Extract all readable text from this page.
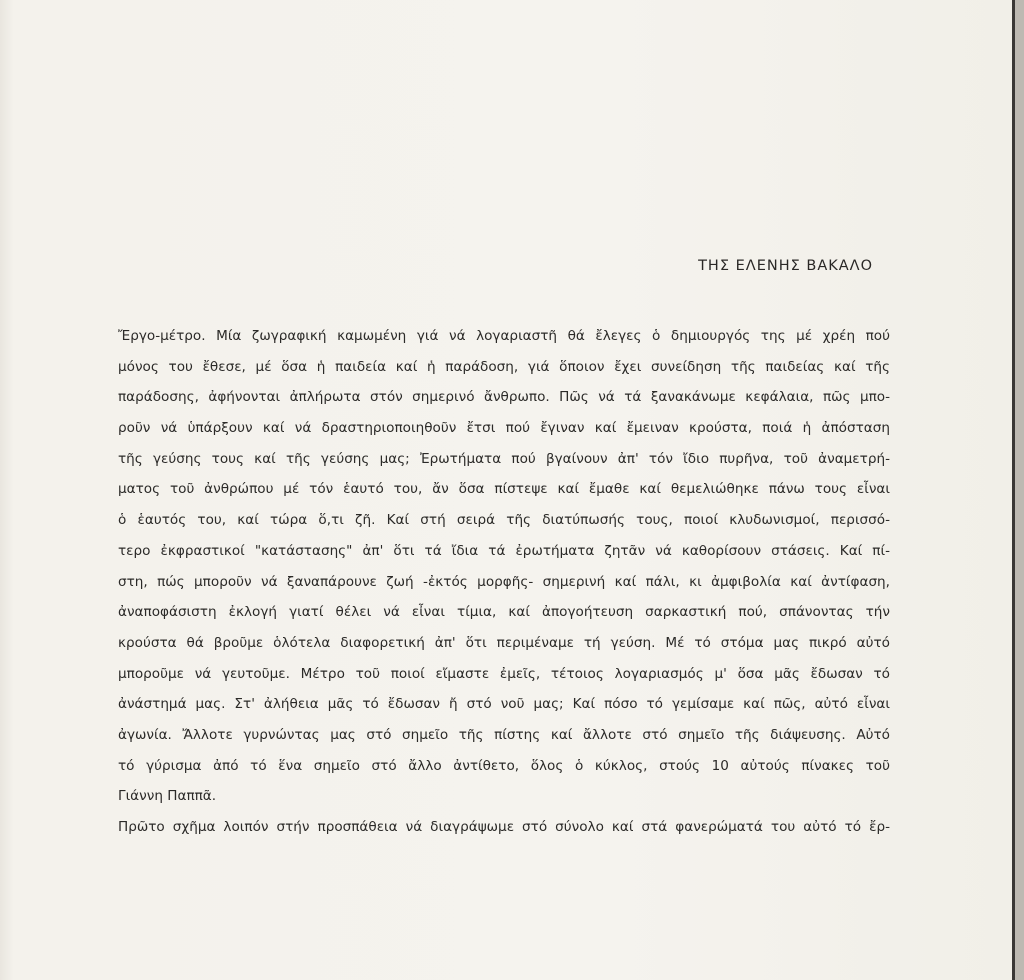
ΤΗΣ ΕΛΕΝΗΣ ΒΑΚΑΛΟ
Ἔργο-μέτρο. Μία ζωγραφική καμωμένη γιά νά λογαριαστῆ θά ἔλεγες ὁ δημιουργός της μέ χρέη πού
μόνος του ἔθεσε, μέ ὅσα ἡ παιδεία καί ἡ παράδοση, γιά ὅποιον ἔχει συνείδηση τῆς παιδείας καί τῆς
παράδοσης, ἀφήνονται ἀπλήρωτα στόν σημερινό ἄνθρωπο. Πῶς νά τά ξανακάνωμε κεφάλαια, πῶς μπο-
ροῦν νά ὑπάρξουν καί νά δραστηριοποιηθοῦν ἔτσι πού ἔγιναν καί ἔμειναν κρούστα, ποιά ἡ ἀπόσταση
τῆς γεύσης τους καί τῆς γεύσης μας; Ἐρωτήματα πού βγαίνουν ἀπ' τόν ἴδιο πυρῆνα, τοῦ ἀναμετρή-
ματος τοῦ ἀνθρώπου μέ τόν ἑαυτό του, ἄν ὅσα πίστεψε καί ἔμαθε καί θεμελιώθηκε πάνω τους εἶναι
ὁ ἑαυτός του, καί τώρα ὅ,τι ζῆ. Καί στή σειρά τῆς διατύπωσής τους, ποιοί κλυδωνισμοί, περισσό-
τερο ἐκφραστικοί "κατάστασης" ἀπ' ὅτι τά ἴδια τά ἐρωτήματα ζητᾶν νά καθορίσουν στάσεις. Καί πί-
στη, πώς μποροῦν νά ξαναπάρουνε ζωή -ἐκτός μορφῆς- σημερινή καί πάλι, κι ἀμφιβολία καί ἀντίφαση,
ἀναποφάσιστη ἐκλογή γιατί θέλει νά εἶναι τίμια, καί ἀπογοήτευση σαρκαστική πού, σπάνοντας τήν
κρούστα θά βροῦμε ὁλότελα διαφορετική ἀπ' ὅτι περιμέναμε τή γεύση. Μέ τό στόμα μας πικρό αὐτό
μποροῦμε νά γευτοῦμε. Μέτρο τοῦ ποιοί εἴμαστε ἐμεῖς, τέτοιος λογαριασμός μ' ὅσα μᾶς ἔδωσαν τό
ἀνάστημά μας. Στ' ἀλήθεια μᾶς τό ἔδωσαν ἤ στό νοῦ μας; Καί πόσο τό γεμίσαμε καί πῶς, αὐτό εἶναι
ἀγωνία. Ἄλλοτε γυρνώντας μας στό σημεῖο τῆς πίστης καί ἄλλοτε στό σημεῖο τῆς διάψευσης. Αὐτό
τό γύρισμα ἀπό τό ἕνα σημεῖο στό ἄλλο ἀντίθετο, ὅλος ὁ κύκλος, στούς 10 αὐτούς πίνακες τοῦ
Γιάννη Παππᾶ.
Πρῶτο σχῆμα λοιπόν στήν προσπάθεια νά διαγράψωμε στό σύνολο καί στά φανερώματά του αὐτό τό ἔρ-
